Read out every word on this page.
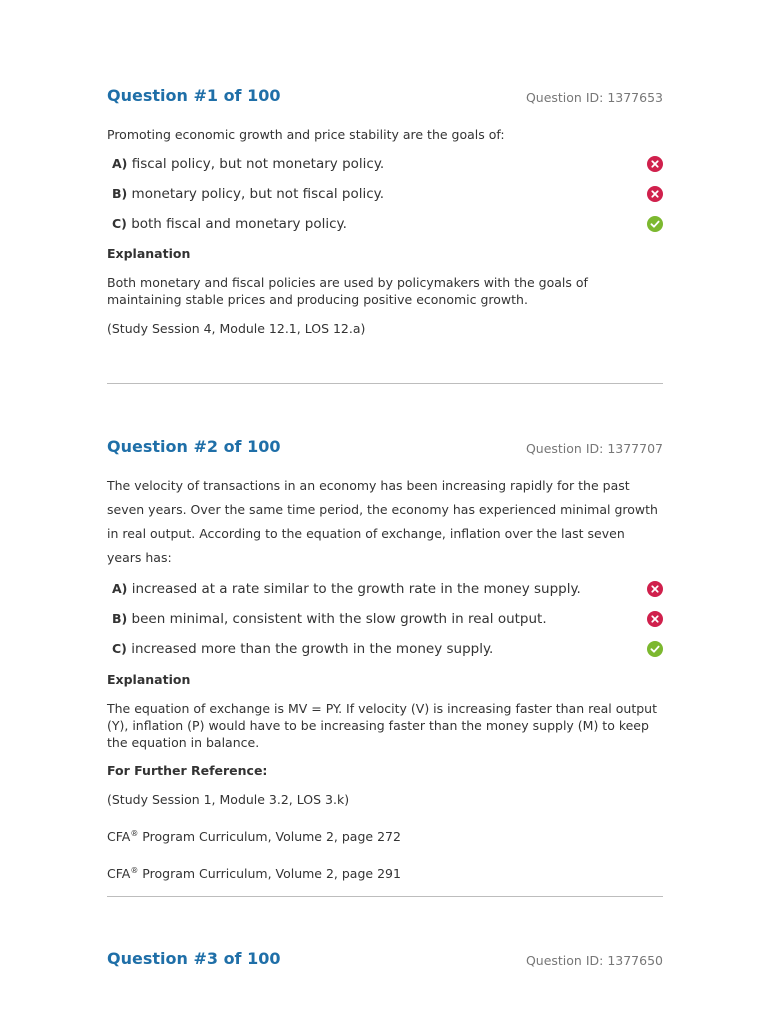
Question #1 of 100	Question ID: 1377653
Promoting economic growth and price stability are the goals of:
A) fiscal policy, but not monetary policy.
B) monetary policy, but not fiscal policy.
C) both fiscal and monetary policy.
Explanation
Both monetary and fiscal policies are used by policymakers with the goals of maintaining stable prices and producing positive economic growth.
(Study Session 4, Module 12.1, LOS 12.a)
Question #2 of 100	Question ID: 1377707
The velocity of transactions in an economy has been increasing rapidly for the past seven years. Over the same time period, the economy has experienced minimal growth in real output. According to the equation of exchange, inflation over the last seven years has:
A) increased at a rate similar to the growth rate in the money supply.
B) been minimal, consistent with the slow growth in real output.
C) increased more than the growth in the money supply.
Explanation
The equation of exchange is MV = PY. If velocity (V) is increasing faster than real output (Y), inflation (P) would have to be increasing faster than the money supply (M) to keep the equation in balance.
For Further Reference:
(Study Session 1, Module 3.2, LOS 3.k)
CFA® Program Curriculum, Volume 2, page 272
CFA® Program Curriculum, Volume 2, page 291
Question #3 of 100	Question ID: 1377650
